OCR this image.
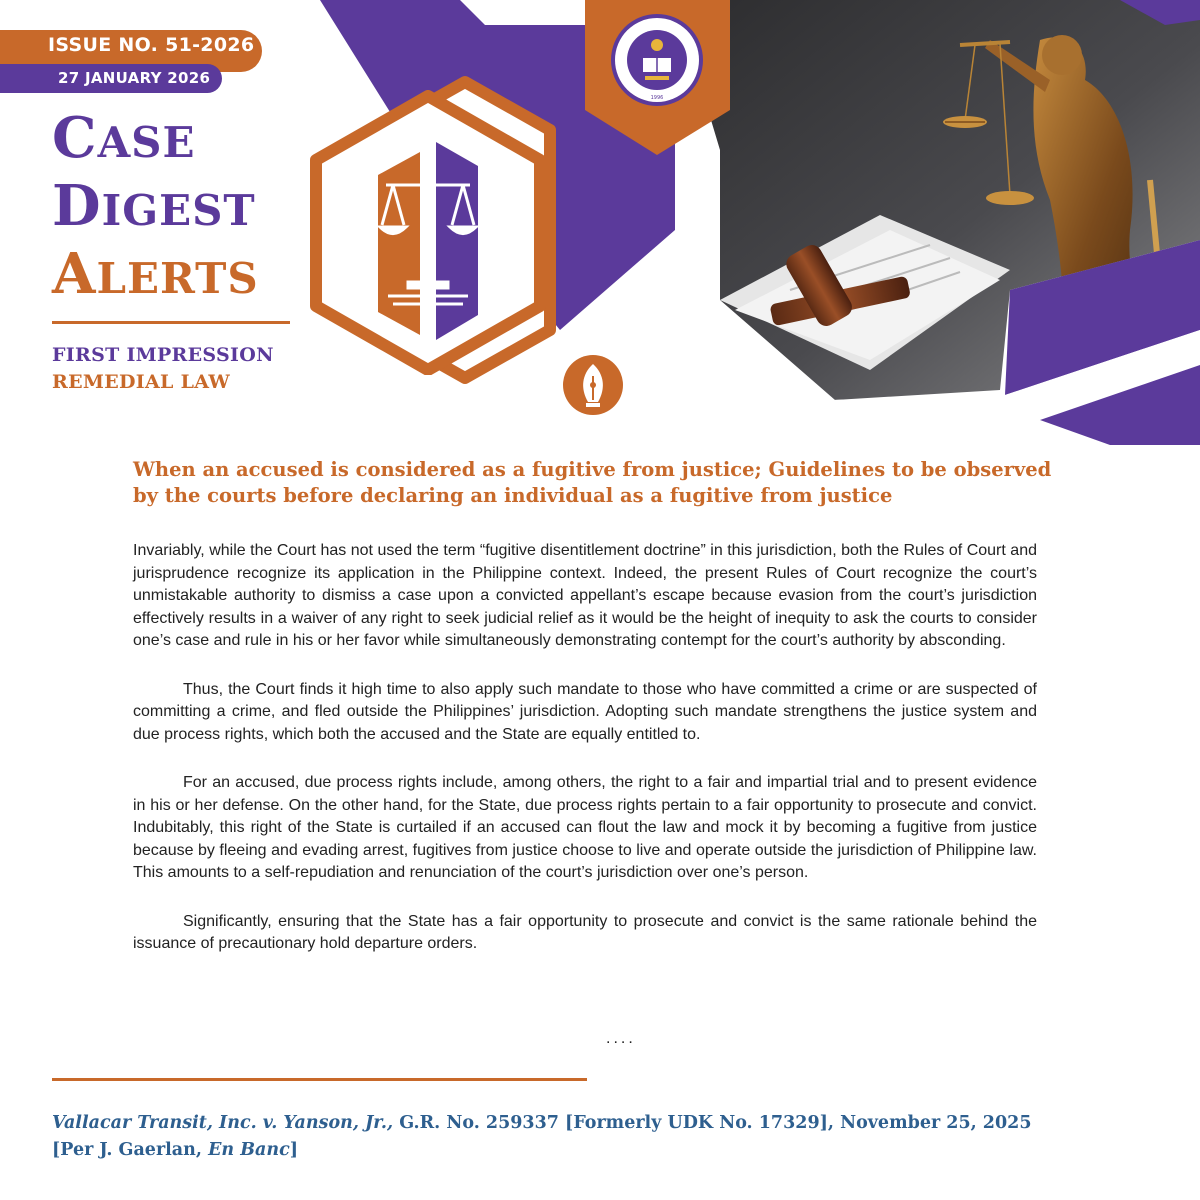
1996
ISSUE NO. 51-2026
27 JANUARY 2026
CASE
DIGEST
ALERTS
FIRST IMPRESSION
REMEDIAL LAW
When an accused is considered as a fugitive from justice; Guidelines to be observed by the courts before declaring an individual as a fugitive from justice

Invariably, while the Court has not used the term “fugitive disentitlement doctrine” in this jurisdiction, both the Rules of Court and jurisprudence recognize its application in the Philippine context. Indeed, the present Rules of Court recognize the court’s unmistakable authority to dismiss a case upon a convicted appellant’s escape because evasion from the court’s jurisdiction effectively results in a waiver of any right to seek judicial relief as it would be the height of inequity to ask the courts to consider one’s case and rule in his or her favor while simultaneously demonstrating contempt for the court’s authority by absconding.

Thus, the Court finds it high time to also apply such mandate to those who have committed a crime or are suspected of committing a crime, and fled outside the Philippines’ jurisdiction. Adopting such mandate strengthens the justice system and due process rights, which both the accused and the State are equally entitled to.

For an accused, due process rights include, among others, the right to a fair and impartial trial and to present evidence in his or her defense. On the other hand, for the State, due process rights pertain to a fair opportunity to prosecute and convict. Indubitably, this right of the State is curtailed if an accused can flout the law and mock it by becoming a fugitive from justice because by fleeing and evading arrest, fugitives from justice choose to live and operate outside the jurisdiction of Philippine law. This amounts to a self-repudiation and renunciation of the court’s jurisdiction over one’s person.

Significantly, ensuring that the State has a fair opportunity to prosecute and convict is the same rationale behind the issuance of precautionary hold departure orders.

....
Vallacar Transit, Inc. v. Yanson, Jr., G.R. No. 259337 [Formerly UDK No. 17329], November 25, 2025
[Per J. Gaerlan, En Banc]
